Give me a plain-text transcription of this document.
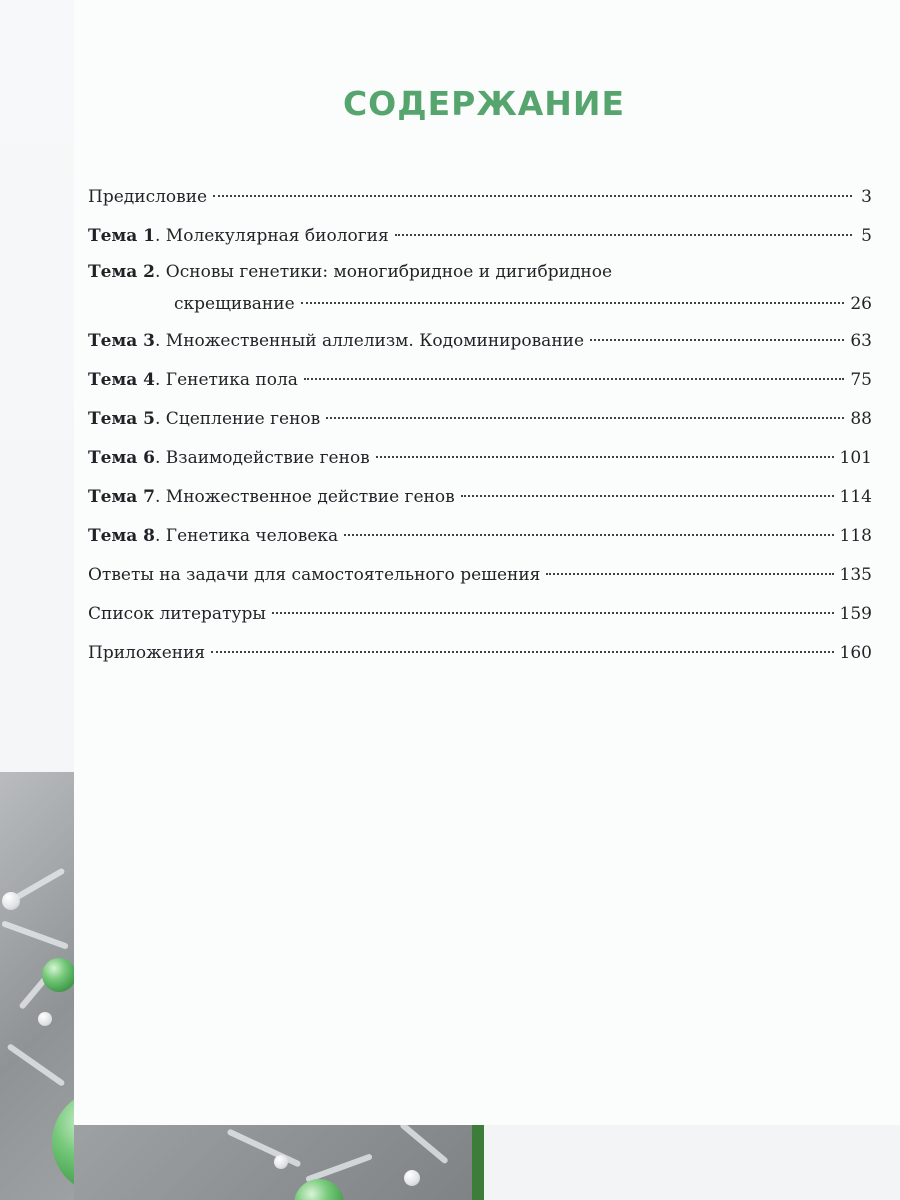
СОДЕРЖАНИЕ
Предисловие	3
Тема 1. Молекулярная биология	5
Тема 2. Основы генетики: моногибридное и дигибридное
скрещивание	26
Тема 3. Множественный аллелизм. Кодоминирование	63
Тема 4. Генетика пола	75
Тема 5. Сцепление генов	88
Тема 6. Взаимодействие генов	101
Тема 7. Множественное действие генов	114
Тема 8. Генетика человека	118
Ответы на задачи для самостоятельного решения	135
Список литературы	159
Приложения	160
